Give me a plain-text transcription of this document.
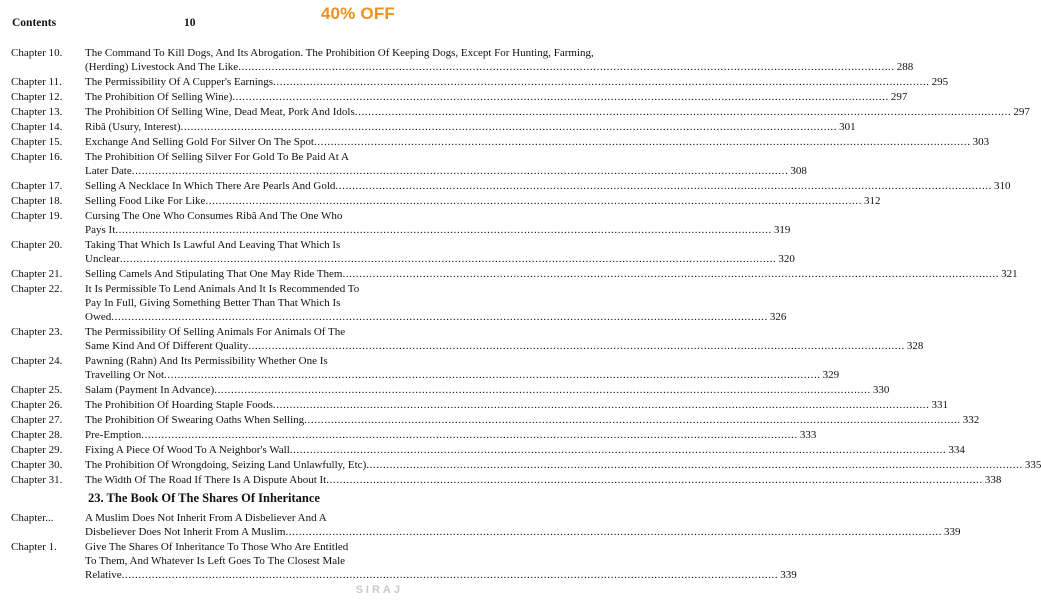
Contents	10	40% OFF
Chapter 10.	The Command To Kill Dogs, And Its Abrogation. The Prohibition Of Keeping Dogs, Except For Hunting, Farming,
(Herding) Livestock And The Like .....	288
Chapter 11.	The Permissibility Of A Cupper's Earnings .....	295
Chapter 12.	The Prohibition Of Selling Wine) .....	297
Chapter 13.	The Prohibition Of Selling Wine, Dead Meat, Pork And Idols .....	297
Chapter 14.	Ribâ (Usury, Interest) .....	301
Chapter 15.	Exchange And Selling Gold For Silver On The Spot .....	303
Chapter 16.	The Prohibition Of Selling Silver For Gold To Be Paid At A
Later Date .....	308
Chapter 17.	Selling A Necklace In Which There Are Pearls And Gold .....	310
Chapter 18.	Selling Food Like For Like .....	312
Chapter 19.	Cursing The One Who Consumes Ribâ And The One Who
Pays It .....	319
Chapter 20.	Taking That Which Is Lawful And Leaving That Which Is
Unclear .....	320
Chapter 21.	Selling Camels And Stipulating That One May Ride Them .....	321
Chapter 22.	It Is Permissible To Lend Animals And It Is Recommended To
Pay In Full, Giving Something Better Than That Which Is
Owed .....	326
Chapter 23.	The Permissibility Of Selling Animals For Animals Of The
Same Kind And Of Different Quality .....	328
Chapter 24.	Pawning (Rahn) And Its Permissibility Whether One Is
Travelling Or Not .....	329
Chapter 25.	Salam (Payment In Advance) .....	330
Chapter 26.	The Prohibition Of Hoarding Staple Foods .....	331
Chapter 27.	The Prohibition Of Swearing Oaths When Selling .....	332
Chapter 28.	Pre-Emption .....	333
Chapter 29.	Fixing A Piece Of Wood To A Neighbor's Wall .....	334
Chapter 30.	The Prohibition Of Wrongdoing, Seizing Land Unlawfully, Etc) .....	335
Chapter 31.	The Width Of The Road If There Is A Dispute About It .....	338
23. The Book Of The Shares Of Inheritance
Chapter...	A Muslim Does Not Inherit From A Disbeliever And A
Disbeliever Does Not Inherit From A Muslim .....	339
Chapter 1.	Give The Shares Of Inheritance To Those Who Are Entitled
To Them, And Whatever Is Left Goes To The Closest Male
Relative .....	339
SIRAJ
